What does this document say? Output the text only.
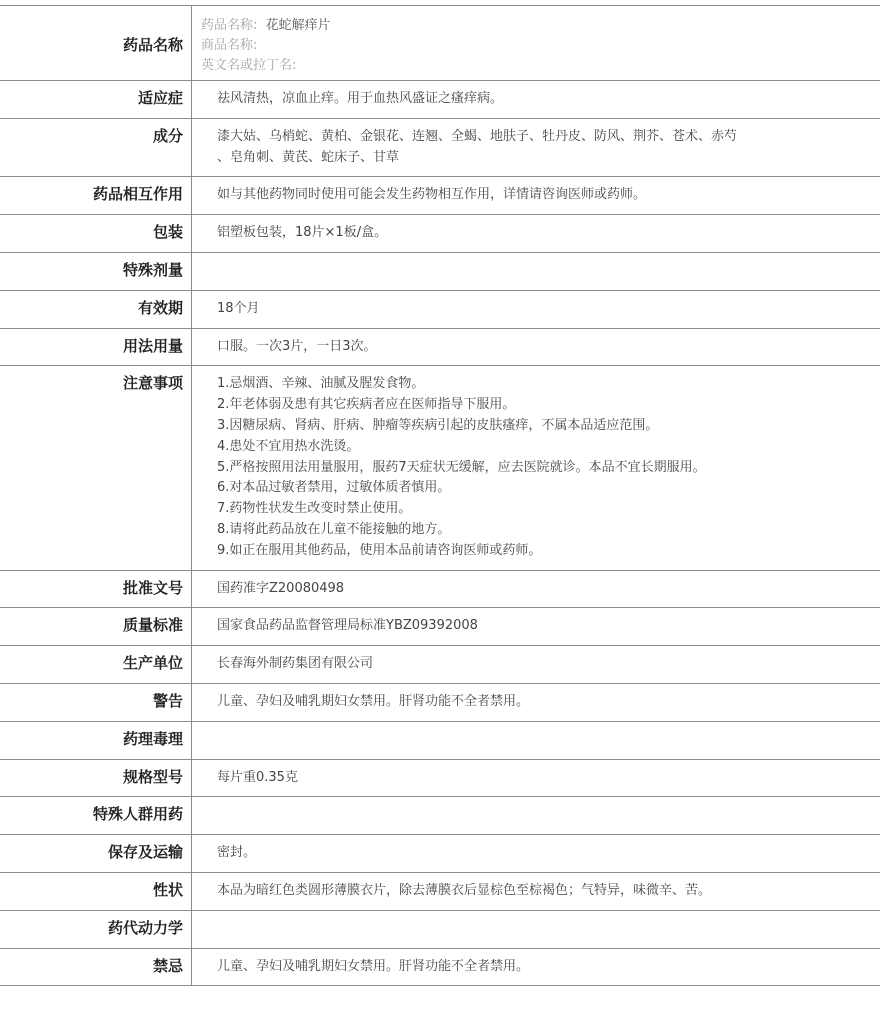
药品名称
药品名称: 花蛇解痒片
商品名称:
英文名或拉丁名:
适应症	祛风清热，凉血止痒。用于血热风盛证之瘙痒病。
成分	漆大姑、乌梢蛇、黄柏、金银花、连翘、全蝎、地肤子、牡丹皮、防风、荆芥、苍术、赤芍
、皂角刺、黄芪、蛇床子、甘草
药品相互作用	如与其他药物同时使用可能会发生药物相互作用，详情请咨询医师或药师。
包装	铝塑板包装，18片×1板/盒。
特殊剂量

有效期	18个月
用法用量	口服。一次3片，一日3次。
注意事项	1.忌烟酒、辛辣、油腻及腥发食物。
2.年老体弱及患有其它疾病者应在医师指导下服用。
3.因糖尿病、肾病、肝病、肿瘤等疾病引起的皮肤瘙痒，不属本品适应范围。
4.患处不宜用热水洗烫。
5.严格按照用法用量服用，服药7天症状无缓解，应去医院就诊。本品不宜长期服用。
6.对本品过敏者禁用，过敏体质者慎用。
7.药物性状发生改变时禁止使用。
8.请将此药品放在儿童不能接触的地方。
9.如正在服用其他药品，使用本品前请咨询医师或药师。
批准文号	国药准字Z20080498
质量标准	国家食品药品监督管理局标准YBZ09392008
生产单位	长春海外制药集团有限公司
警告	儿童、孕妇及哺乳期妇女禁用。肝肾功能不全者禁用。
药理毒理

规格型号	每片重0.35克
特殊人群用药

保存及运输	密封。
性状	本品为暗红色类圆形薄膜衣片，除去薄膜衣后显棕色至棕褐色；气特异，味微辛、苦。
药代动力学

禁忌	儿童、孕妇及哺乳期妇女禁用。肝肾功能不全者禁用。
